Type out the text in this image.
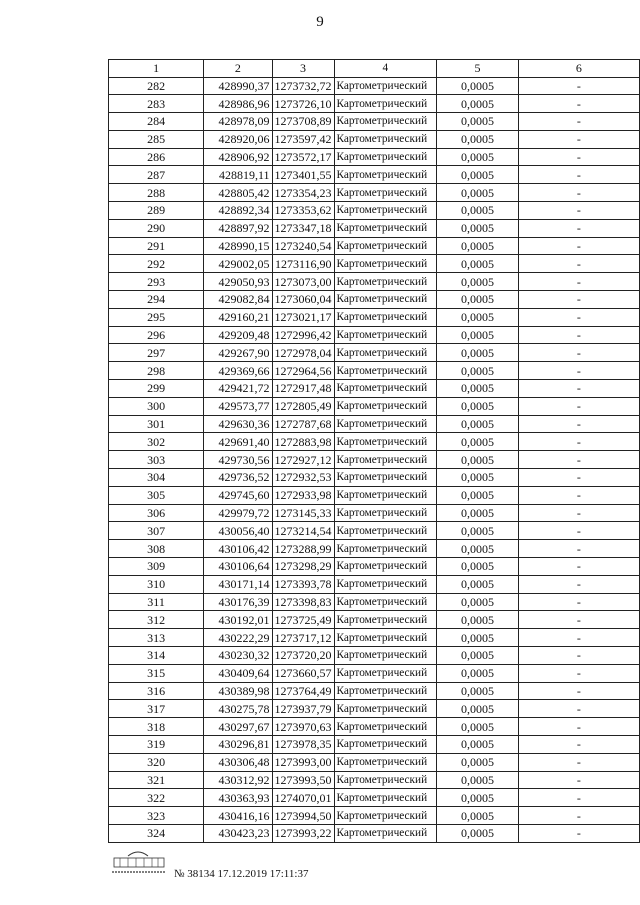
9
1	2	3	4	5	6
282	428990,37	1273732,72	Картометрический	0,0005	-
283	428986,96	1273726,10	Картометрический	0,0005	-
284	428978,09	1273708,89	Картометрический	0,0005	-
285	428920,06	1273597,42	Картометрический	0,0005	-
286	428906,92	1273572,17	Картометрический	0,0005	-
287	428819,11	1273401,55	Картометрический	0,0005	-
288	428805,42	1273354,23	Картометрический	0,0005	-
289	428892,34	1273353,62	Картометрический	0,0005	-
290	428897,92	1273347,18	Картометрический	0,0005	-
291	428990,15	1273240,54	Картометрический	0,0005	-
292	429002,05	1273116,90	Картометрический	0,0005	-
293	429050,93	1273073,00	Картометрический	0,0005	-
294	429082,84	1273060,04	Картометрический	0,0005	-
295	429160,21	1273021,17	Картометрический	0,0005	-
296	429209,48	1272996,42	Картометрический	0,0005	-
297	429267,90	1272978,04	Картометрический	0,0005	-
298	429369,66	1272964,56	Картометрический	0,0005	-
299	429421,72	1272917,48	Картометрический	0,0005	-
300	429573,77	1272805,49	Картометрический	0,0005	-
301	429630,36	1272787,68	Картометрический	0,0005	-
302	429691,40	1272883,98	Картометрический	0,0005	-
303	429730,56	1272927,12	Картометрический	0,0005	-
304	429736,52	1272932,53	Картометрический	0,0005	-
305	429745,60	1272933,98	Картометрический	0,0005	-
306	429979,72	1273145,33	Картометрический	0,0005	-
307	430056,40	1273214,54	Картометрический	0,0005	-
308	430106,42	1273288,99	Картометрический	0,0005	-
309	430106,64	1273298,29	Картометрический	0,0005	-
310	430171,14	1273393,78	Картометрический	0,0005	-
311	430176,39	1273398,83	Картометрический	0,0005	-
312	430192,01	1273725,49	Картометрический	0,0005	-
313	430222,29	1273717,12	Картометрический	0,0005	-
314	430230,32	1273720,20	Картометрический	0,0005	-
315	430409,64	1273660,57	Картометрический	0,0005	-
316	430389,98	1273764,49	Картометрический	0,0005	-
317	430275,78	1273937,79	Картометрический	0,0005	-
318	430297,67	1273970,63	Картометрический	0,0005	-
319	430296,81	1273978,35	Картометрический	0,0005	-
320	430306,48	1273993,00	Картометрический	0,0005	-
321	430312,92	1273993,50	Картометрический	0,0005	-
322	430363,93	1274070,01	Картометрический	0,0005	-
323	430416,16	1273994,50	Картометрический	0,0005	-
324	430423,23	1273993,22	Картометрический	0,0005	-
№ 38134 17.12.2019 17:11:37
